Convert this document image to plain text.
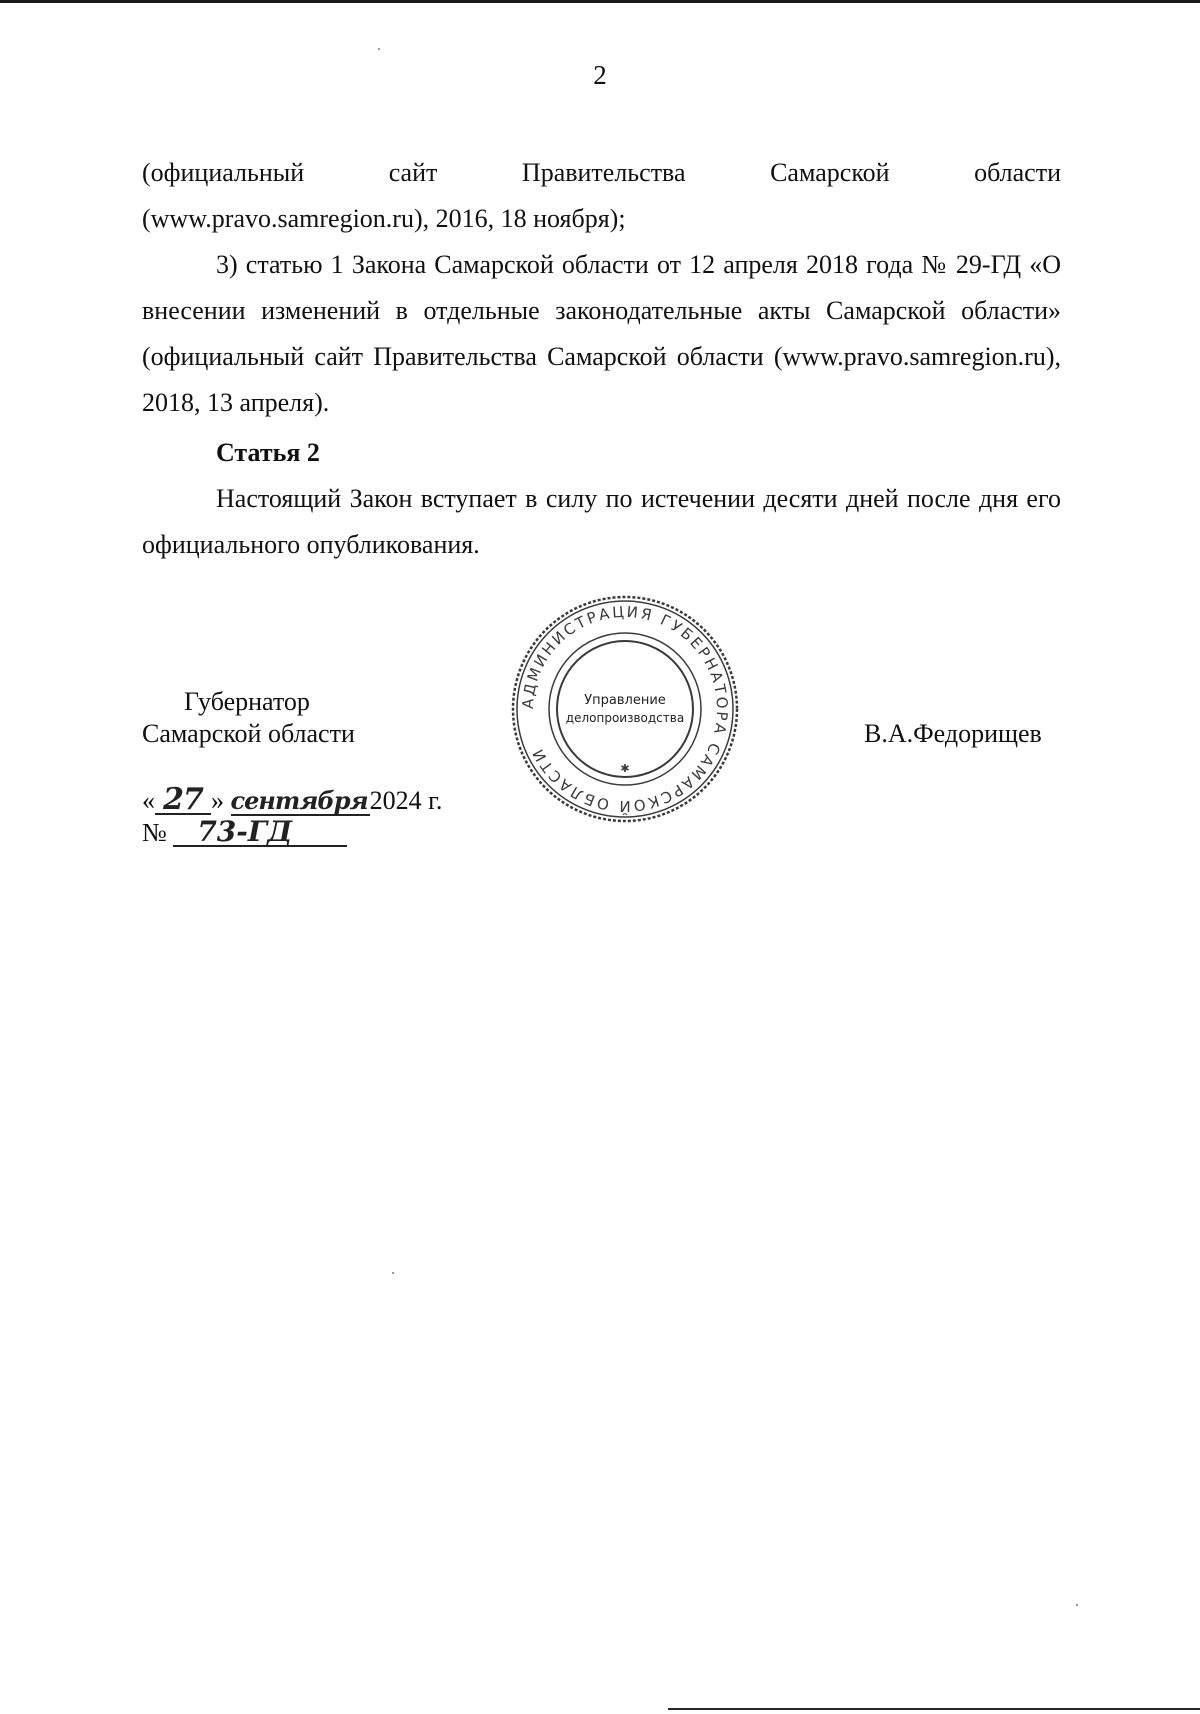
2

(официальный сайт Правительства Самарской области

(www.pravo.samregion.ru), 2016, 18 ноября);

3) статью 1 Закона Самарской области от 12 апреля 2018 года № 29-ГД «О внесении изменений в отдельные законодательные акты Самарской области» (официальный сайт Правительства Самарской области (www.pravo.samregion.ru), 2018, 13 апреля).

Статья 2

Настоящий Закон вступает в силу по истечении десяти дней после дня его официального опубликования.

Губернатор
Самарской области
АДМИНИСТРАЦИЯ ГУБЕРНАТОРА САМАРСКОЙ ОБЛАСТИ
Управление
делопроизводства
✱
В.А.Федорищев
« 27 » сентября2024 г.
№ 73-ГД
